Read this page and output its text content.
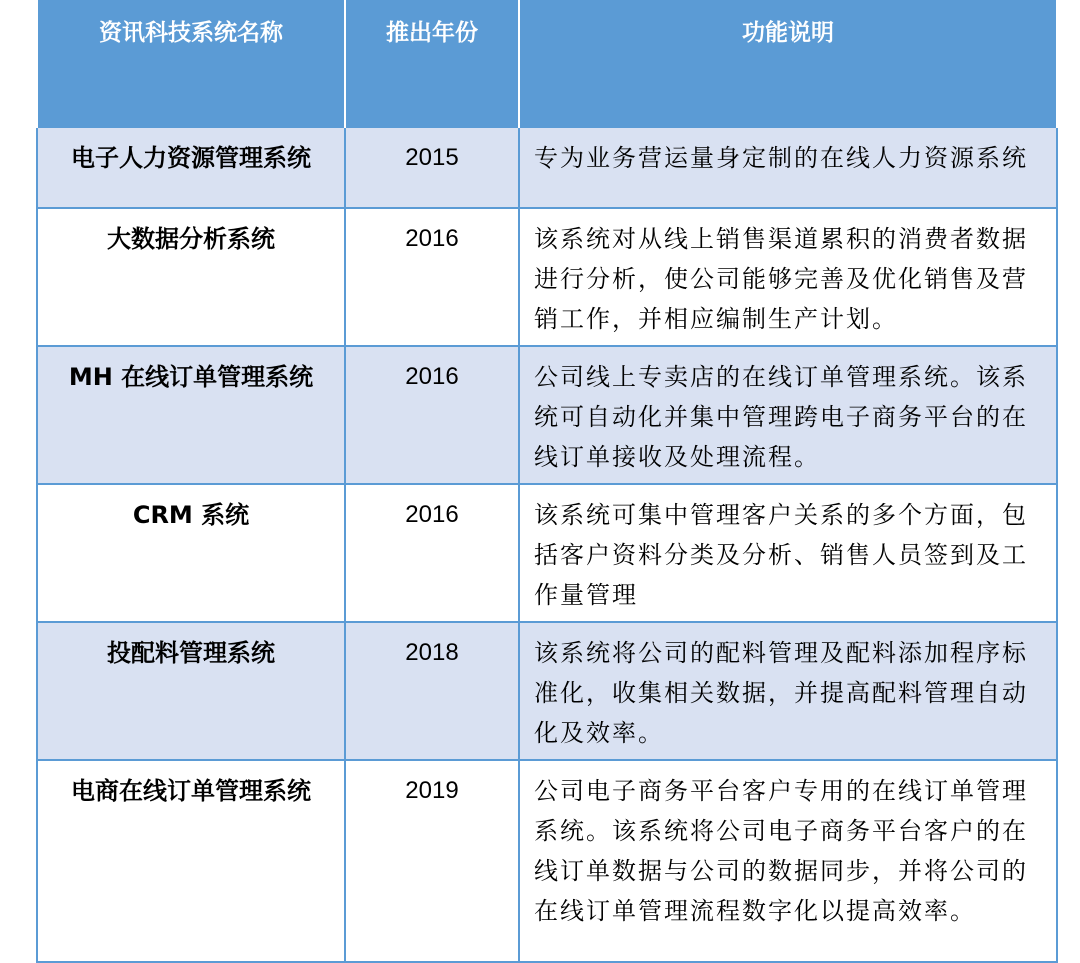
资讯科技系统名称	推出年份	功能说明
电子人力资源管理系统	2015	专为业务营运量身定制的在线人力资源系统
大数据分析系统	2016	该系统对从线上销售渠道累积的消费者数据进行分析，使公司能够完善及优化销售及营销工作，并相应编制生产计划。
MH 在线订单管理系统	2016	公司线上专卖店的在线订单管理系统。该系统可自动化并集中管理跨电子商务平台的在线订单接收及处理流程。
CRM 系统	2016	该系统可集中管理客户关系的多个方面，包括客户资料分类及分析、销售人员签到及工作量管理
投配料管理系统	2018	该系统将公司的配料管理及配料添加程序标准化，收集相关数据，并提高配料管理自动化及效率。
电商在线订单管理系统	2019	公司电子商务平台客户专用的在线订单管理系统。该系统将公司电子商务平台客户的在线订单数据与公司的数据同步，并将公司的在线订单管理流程数字化以提高效率。
